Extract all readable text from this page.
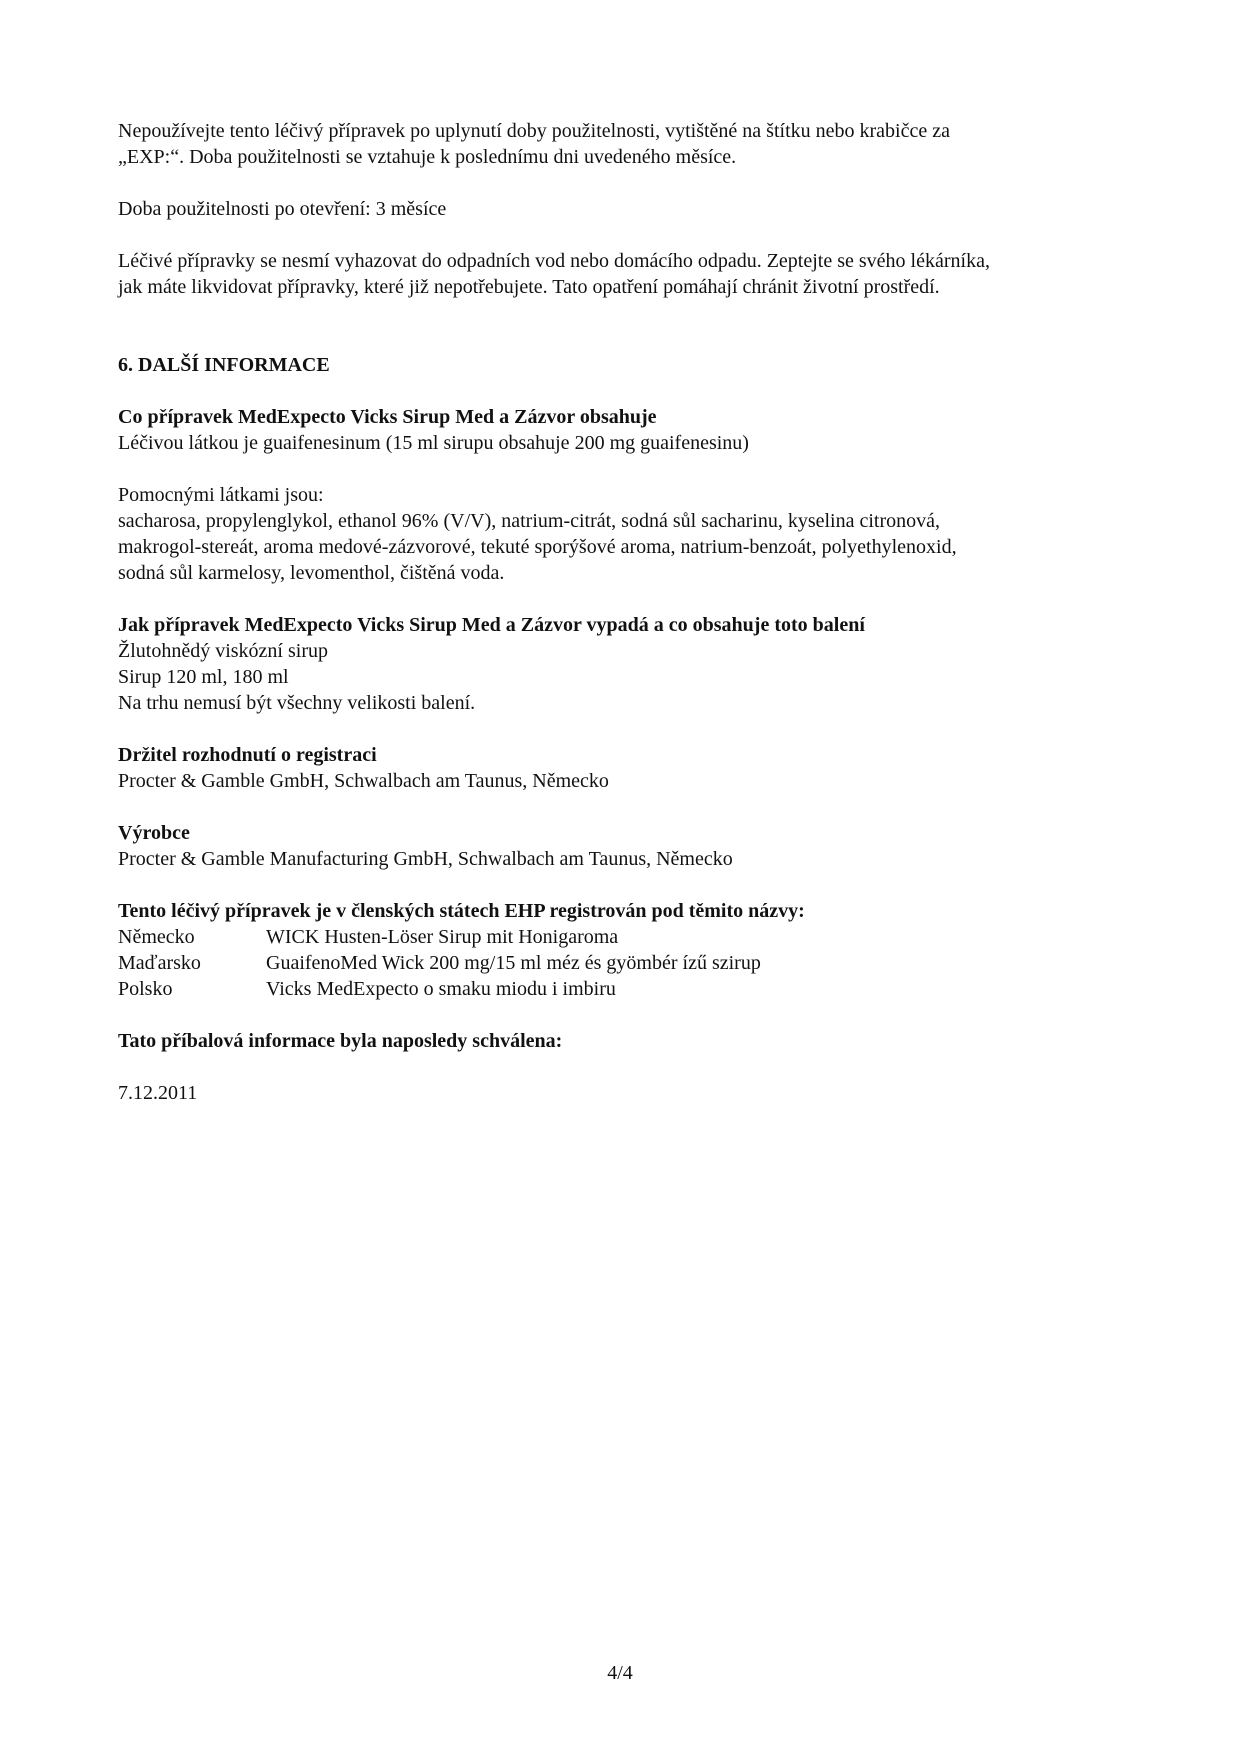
Nepoužívejte tento léčivý přípravek po uplynutí doby použitelnosti, vytištěné na štítku nebo krabičce za

„EXP:“. Doba použitelnosti se vztahuje k poslednímu dni uvedeného měsíce.

Doba použitelnosti po otevření: 3 měsíce

Léčivé přípravky se nesmí vyhazovat do odpadních vod nebo domácího odpadu. Zeptejte se svého lékárníka,

jak máte likvidovat přípravky, které již nepotřebujete. Tato opatření pomáhají chránit životní prostředí.

6. DALŠÍ INFORMACE

Co přípravek MedExpecto Vicks Sirup Med a Zázvor obsahuje

Léčivou látkou je guaifenesinum (15 ml sirupu obsahuje 200 mg guaifenesinu)

Pomocnými látkami jsou:

sacharosa, propylenglykol, ethanol 96% (V/V), natrium-citrát, sodná sůl sacharinu, kyselina citronová,

makrogol-stereát, aroma medové-zázvorové, tekuté sporýšové aroma, natrium-benzoát, polyethylenoxid,

sodná sůl karmelosy, levomenthol, čištěná voda.

Jak přípravek MedExpecto Vicks Sirup Med a Zázvor vypadá a co obsahuje toto balení

Žlutohnědý viskózní sirup

Sirup 120 ml, 180 ml

Na trhu nemusí být všechny velikosti balení.

Držitel rozhodnutí o registraci

Procter & Gamble GmbH, Schwalbach am Taunus, Německo

Výrobce

Procter & Gamble Manufacturing GmbH, Schwalbach am Taunus, Německo

Tento léčivý přípravek je v členských státech EHP registrován pod těmito názvy:

Německo	WICK Husten-Löser Sirup mit Honigaroma
Maďarsko	GuaifenoMed Wick 200 mg/15 ml méz és gyömbér ízű szirup
Polsko	Vicks MedExpecto o smaku miodu i imbiru

Tato příbalová informace byla naposledy schválena:

7.12.2011

4/4
